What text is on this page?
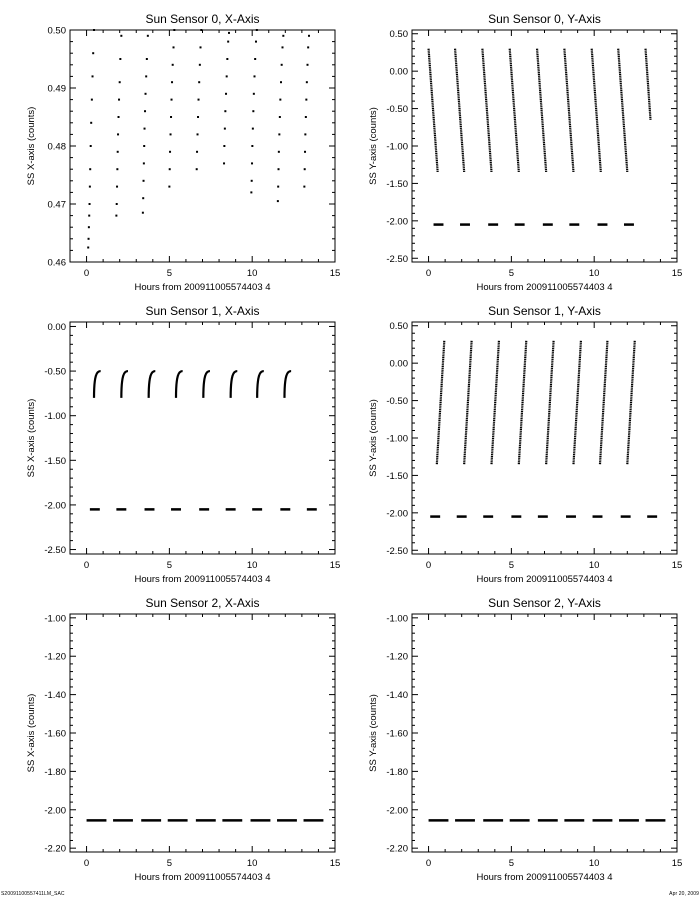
Sun Sensor 0, X-Axis
Hours from 200911005574403 4
SS X-axis (counts)
0	5	10	15
0.46
0.47
0.48
0.49
0.50
Sun Sensor 0, Y-Axis
Hours from 200911005574403 4
SS Y-axis (counts)
0	5	10	15
0.50
0.00
-0.50
-1.00
-1.50
-2.00
-2.50
Sun Sensor 1, X-Axis
Hours from 200911005574403 4
SS X-axis (counts)
0	5	10	15
0.00
-0.50
-1.00
-1.50
-2.00
-2.50
Sun Sensor 1, Y-Axis
Hours from 200911005574403 4
SS Y-axis (counts)
0	5	10	15
0.50
0.00
-0.50
-1.00
-1.50
-2.00
-2.50
Sun Sensor 2, X-Axis
Hours from 200911005574403 4
SS X-axis (counts)
0	5	10	15
-1.00
-1.20
-1.40
-1.60
-1.80
-2.00
-2.20
Sun Sensor 2, Y-Axis
Hours from 200911005574403 4
SS Y-axis (counts)
0	5	10	15
-1.00
-1.20
-1.40
-1.60
-1.80
-2.00
-2.20
S20091100557411LM_SAC	Apr 20, 2009
